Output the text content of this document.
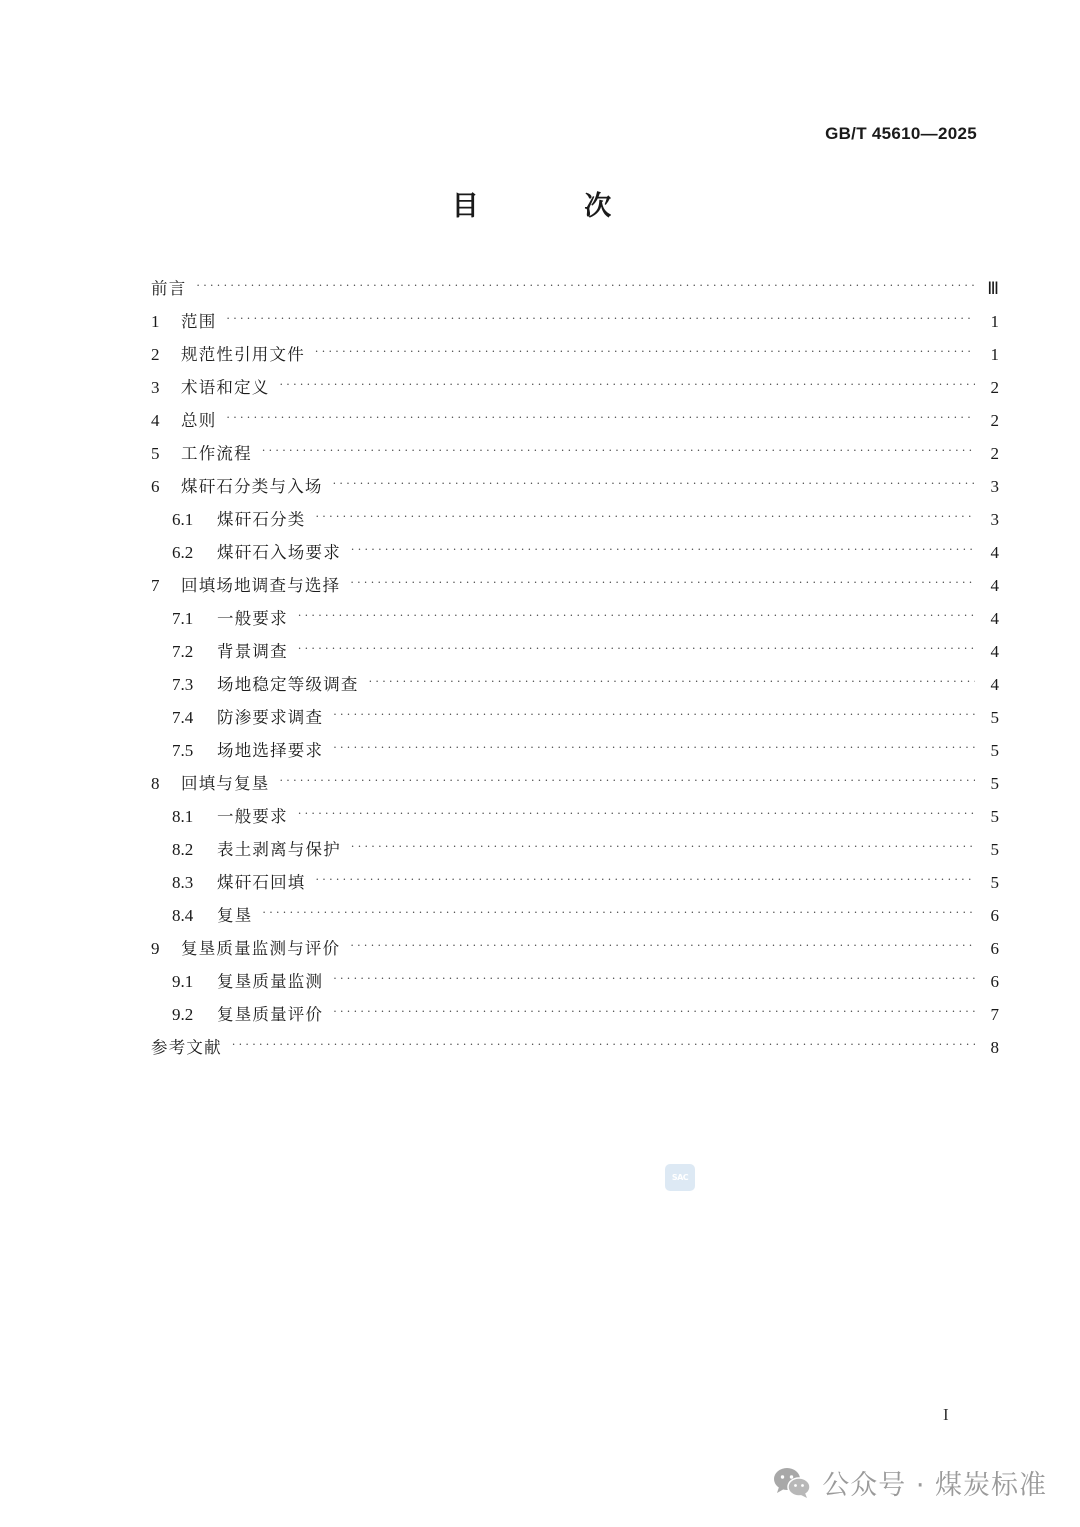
GB/T 45610—2025
目 次
前言 ·····	Ⅲ
1	范围 ·····	1
2	规范性引用文件 ·····	1
3	术语和定义 ·····	2
4	总则 ·····	2
5	工作流程 ·····	2
6	煤矸石分类与入场 ·····	3
6.1	煤矸石分类 ·····	3
6.2	煤矸石入场要求 ·····	4
7	回填场地调查与选择 ·····	4
7.1	一般要求 ·····	4
7.2	背景调查 ·····	4
7.3	场地稳定等级调查 ·····	4
7.4	防渗要求调查 ·····	5
7.5	场地选择要求 ·····	5
8	回填与复垦 ·····	5
8.1	一般要求 ·····	5
8.2	表土剥离与保护 ·····	5
8.3	煤矸石回填 ·····	5
8.4	复垦 ·····	6
9	复垦质量监测与评价 ·····	6
9.1	复垦质量监测 ·····	6
9.2	复垦质量评价 ·····	7
参考文献 ·····	8
SAC
I
公众号 · 煤炭标准
